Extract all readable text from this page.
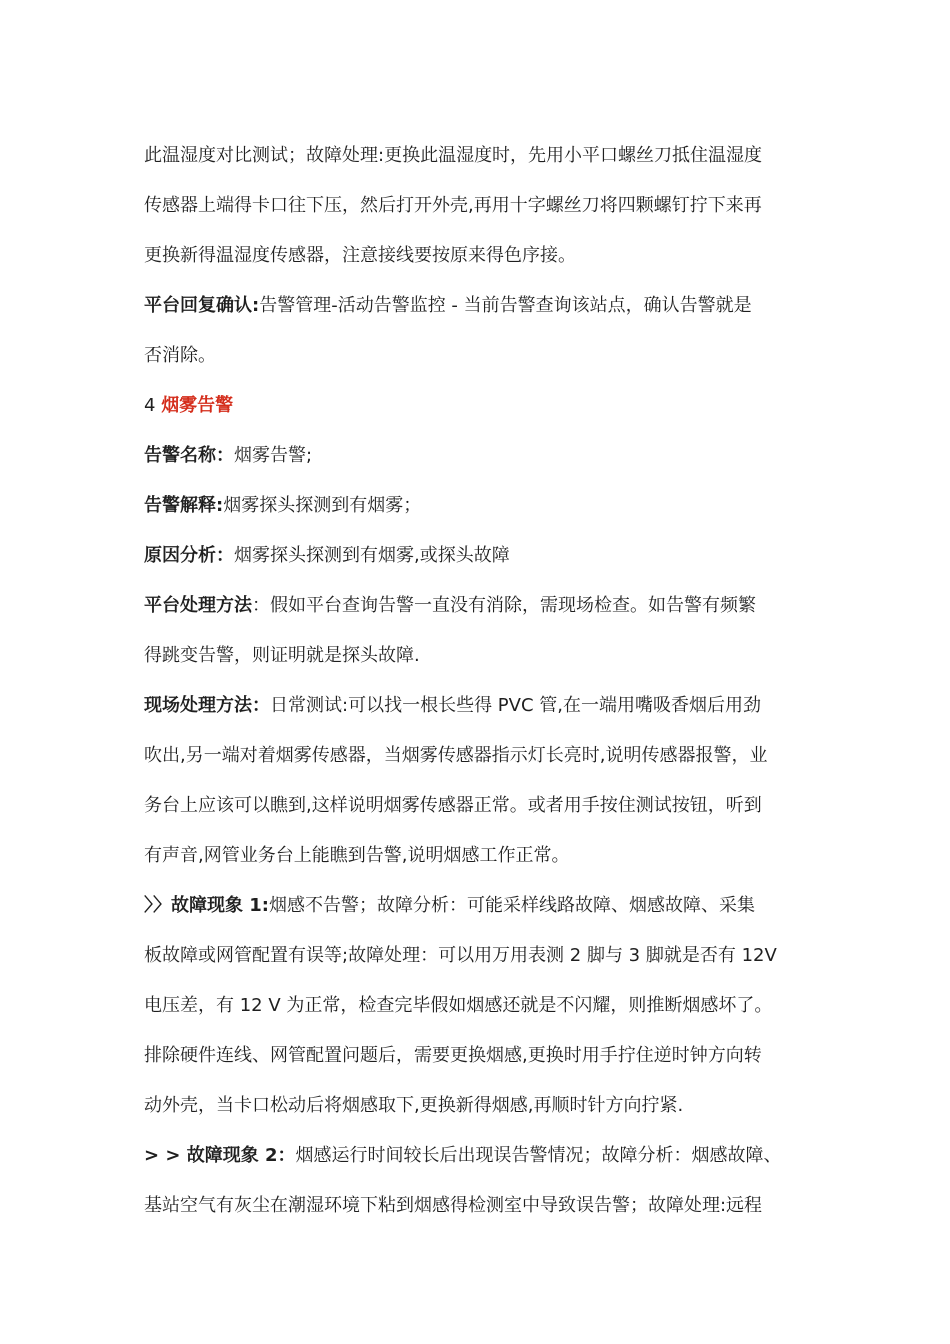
此温湿度对比测试；故障处理:更换此温湿度时，先用小平口螺丝刀抵住温湿度
传感器上端得卡口往下压，然后打开外壳,再用十字螺丝刀将四颗螺钉拧下来再
更换新得温湿度传感器，注意接线要按原来得色序接。
平台回复确认:告警管理-活动告警监控 - 当前告警查询该站点，确认告警就是
否消除。
4 烟雾告警
告警名称：烟雾告警;
告警解释:烟雾探头探测到有烟雾；
原因分析：烟雾探头探测到有烟雾,或探头故障
平台处理方法：假如平台查询告警一直没有消除，需现场检查。如告警有频繁
得跳变告警，则证明就是探头故障.
现场处理方法：日常测试:可以找一根长些得 PVC 管,在一端用嘴吸香烟后用劲
吹出,另一端对着烟雾传感器，当烟雾传感器指示灯长亮时,说明传感器报警，业
务台上应该可以瞧到,这样说明烟雾传感器正常。或者用手按住测试按钮，听到
有声音,网管业务台上能瞧到告警,说明烟感工作正常。
〉〉故障现象 1:烟感不告警；故障分析：可能采样线路故障、烟感故障、采集
板故障或网管配置有误等;故障处理：可以用万用表测 2 脚与 3 脚就是否有 12V
电压差，有 12 V 为正常，检查完毕假如烟感还就是不闪耀，则推断烟感坏了。
排除硬件连线、网管配置问题后，需要更换烟感,更换时用手拧住逆时钟方向转
动外壳，当卡口松动后将烟感取下,更换新得烟感,再顺时针方向拧紧.
> > 故障现象 2：烟感运行时间较长后出现误告警情况；故障分析：烟感故障、
基站空气有灰尘在潮湿环境下粘到烟感得检测室中导致误告警；故障处理:远程
